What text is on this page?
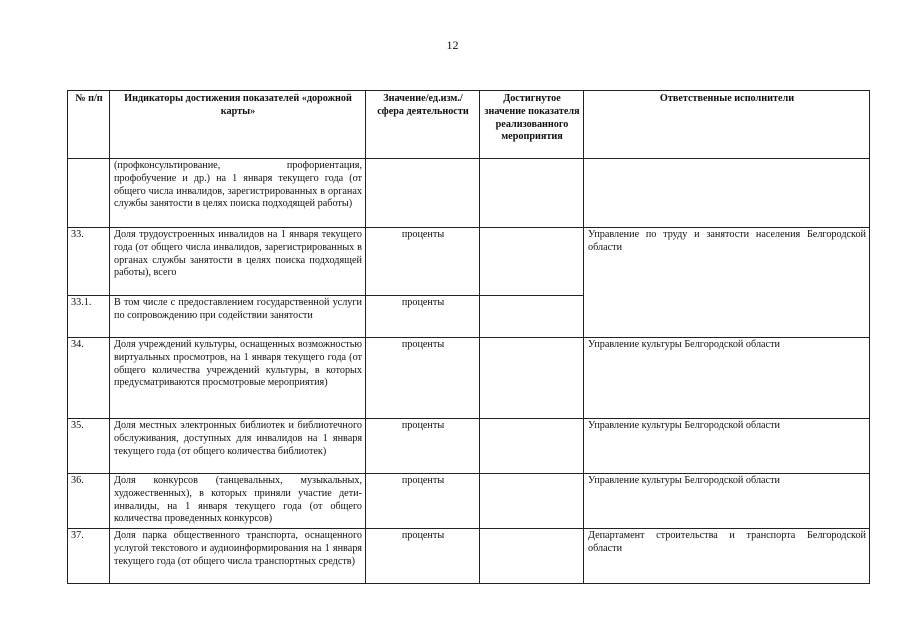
12
№ п/п	Индикаторы достижения показателей «дорожной карты»	Значение/ед.изм./ сфера деятельности	Достигнутое значение показателя реализованного мероприятия	Ответственные исполнители
	(профконсультирование, профориентация, профобучение и др.) на 1 января текущего года (от общего числа инвалидов, зарегистрированных в органах службы занятости в целях поиска подходящей работы)			
33.	Доля трудоустроенных инвалидов на 1 января текущего года (от общего числа инвалидов, зарегистрированных в органах службы занятости в целях поиска подходящей работы), всего	проценты		Управление по труду и занятости населения Белгородской области
33.1.	В том числе с предоставлением государственной услуги по сопровождению при содействии занятости	проценты		
34.	Доля учреждений культуры, оснащенных возможностью виртуальных просмотров, на 1 января текущего года (от общего количества учреждений культуры, в которых предусматриваются просмотровые мероприятия)	проценты		Управление культуры Белгородской области
35.	Доля местных электронных библиотек и библиотечного обслуживания, доступных для инвалидов на 1 января текущего года (от общего количества библиотек)	проценты		Управление культуры Белгородской области
36.	Доля конкурсов (танцевальных, музыкальных, художественных), в которых приняли участие дети-инвалиды, на 1 января текущего года (от общего количества проведенных конкурсов)	проценты		Управление культуры Белгородской области
37.	Доля парка общественного транспорта, оснащенного услугой текстового и аудиоинформирования на 1 января текущего года (от общего числа транспортных средств)	проценты		Департамент строительства и транспорта Белгородской области
